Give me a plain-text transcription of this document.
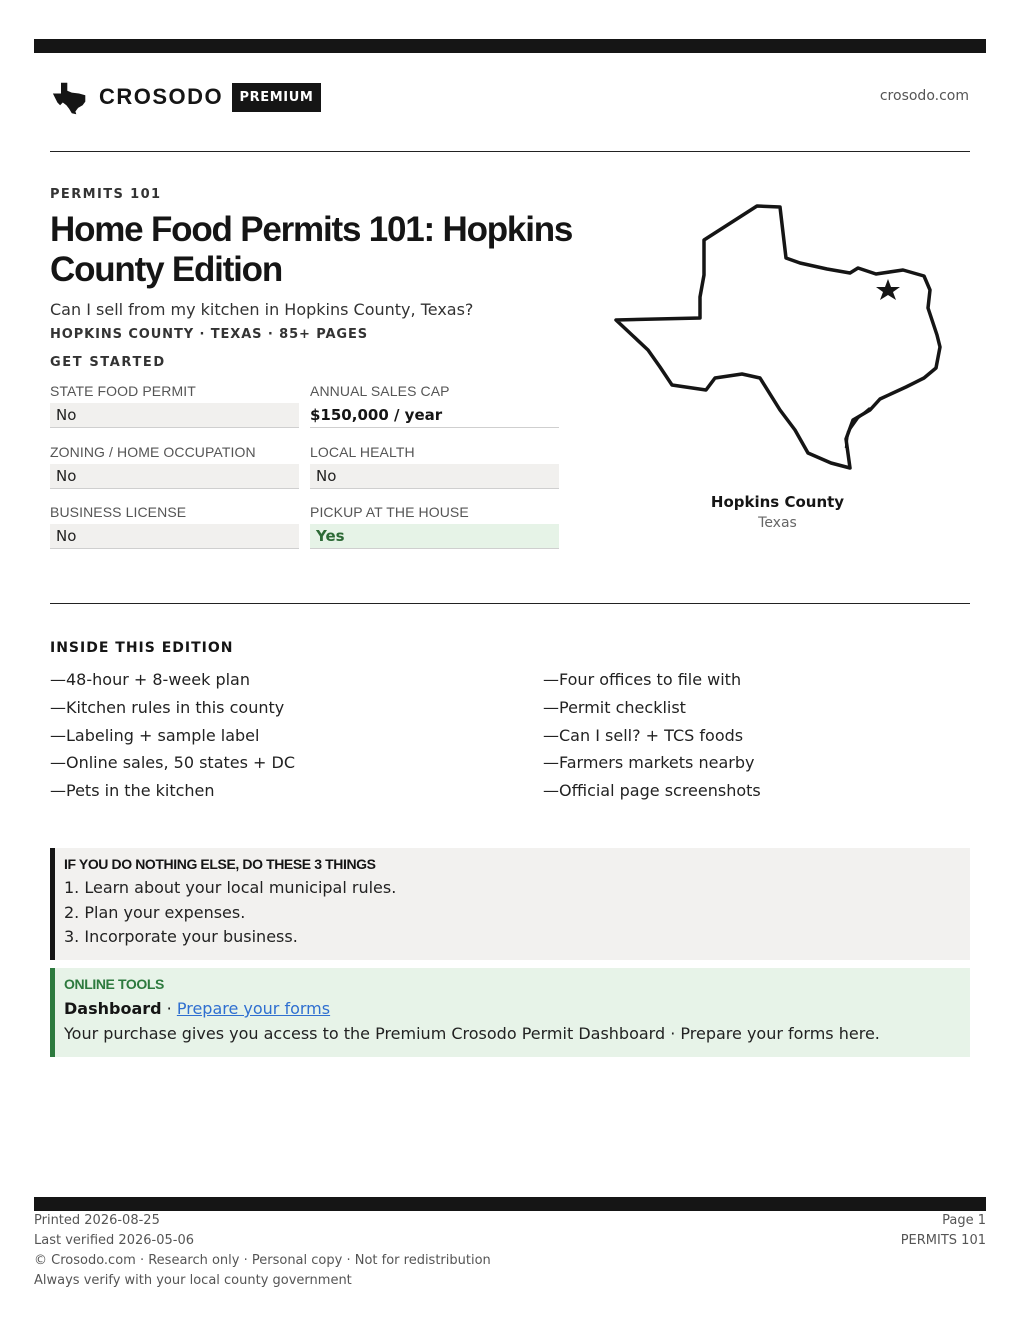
CROSODO	PREMIUM	crosodo.com
PERMITS 101
Home Food Permits 101: Hopkins County Edition

Can I sell from my kitchen in Hopkins County, Texas?

HOPKINS COUNTY · TEXAS · 85+ PAGES
GET STARTED
STATE FOOD PERMIT
No
ANNUAL SALES CAP
$150,000 / year
ZONING / HOME OCCUPATION
No
LOCAL HEALTH
No
BUSINESS LICENSE
No
PICKUP AT THE HOUSE
Yes
Hopkins County
Texas
INSIDE THIS EDITION
—48-hour + 8-week plan
—Kitchen rules in this county
—Labeling + sample label
—Online sales, 50 states + DC
—Pets in the kitchen
—Four offices to file with
—Permit checklist
—Can I sell? + TCS foods
—Farmers markets nearby
—Official page screenshots
IF YOU DO NOTHING ELSE, DO THESE 3 THINGS
1. Learn about your local municipal rules.
2. Plan your expenses.
3. Incorporate your business.
ONLINE TOOLS
Dashboard · Prepare your forms
Your purchase gives you access to the Premium Crosodo Permit Dashboard · Prepare your forms here.
Printed 2026-08-25
Last verified 2026-05-06
© Crosodo.com · Research only · Personal copy · Not for redistribution
Always verify with your local county government
Page 1
PERMITS 101
